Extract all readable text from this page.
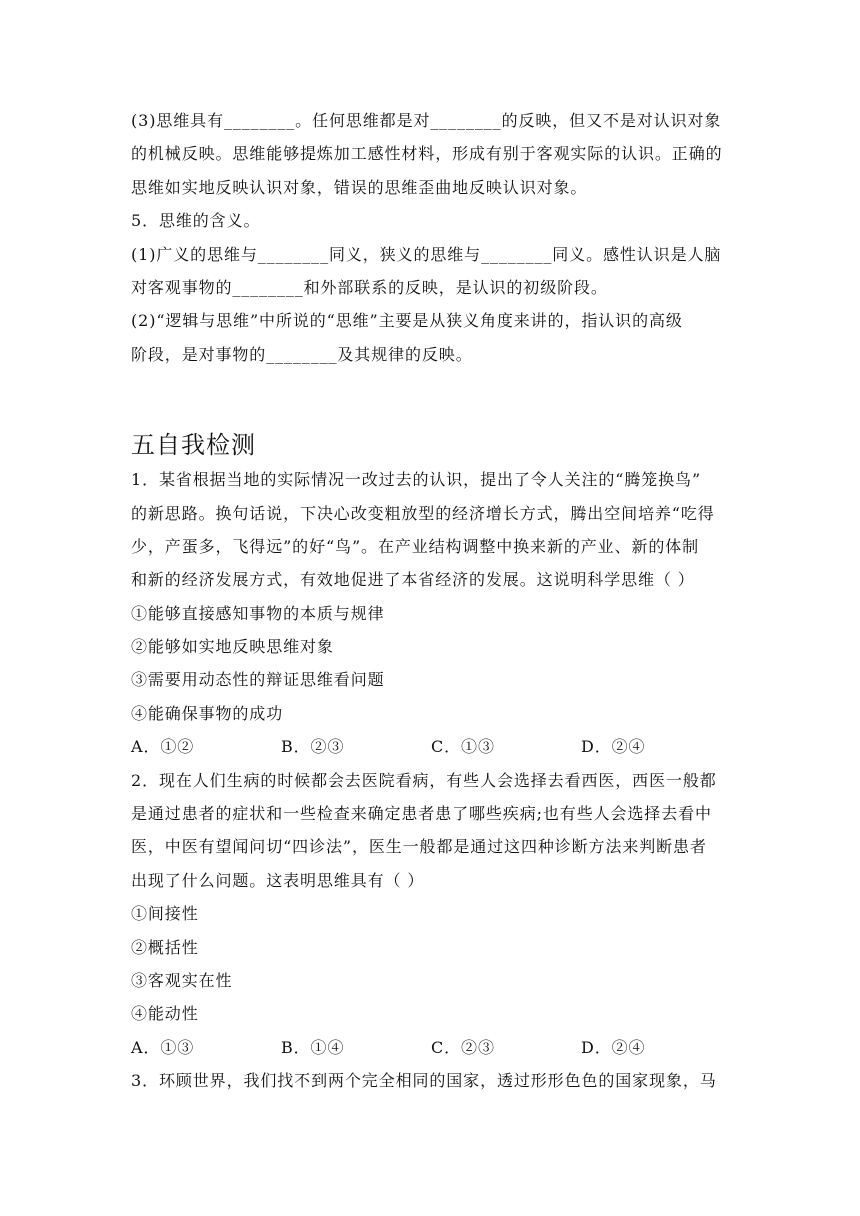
(3)思维具有________。任何思维都是对________的反映，但又不是对认识对象
的机械反映。思维能够提炼加工感性材料，形成有别于客观实际的认识。正确的
思维如实地反映认识对象，错误的思维歪曲地反映认识对象。
5．思维的含义。
(1)广义的思维与________同义，狭义的思维与________同义。感性认识是人脑
对客观事物的________和外部联系的反映，是认识的初级阶段。
(2)“逻辑与思维”中所说的“思维”主要是从狭义角度来讲的，指认识的高级
阶段，是对事物的________及其规律的反映。
五自我检测
1．某省根据当地的实际情况一改过去的认识，提出了令人关注的“腾笼换鸟”
的新思路。换句话说，下决心改变粗放型的经济增长方式，腾出空间培养“吃得
少，产蛋多，飞得远”的好“鸟”。在产业结构调整中换来新的产业、新的体制
和新的经济发展方式，有效地促进了本省经济的发展。这说明科学思维（ ）
①能够直接感知事物的本质与规律
②能够如实地反映思维对象
③需要用动态性的辩证思维看问题
④能确保事物的成功
A．①②	B．②③	C．①③	D．②④
2．现在人们生病的时候都会去医院看病，有些人会选择去看西医，西医一般都
是通过患者的症状和一些检查来确定患者患了哪些疾病;也有些人会选择去看中
医，中医有望闻问切“四诊法”，医生一般都是通过这四种诊断方法来判断患者
出现了什么问题。这表明思维具有（ ）
①间接性
②概括性
③客观实在性
④能动性
A．①③	B．①④	C．②③	D．②④
3．环顾世界，我们找不到两个完全相同的国家，透过形形色色的国家现象，马
